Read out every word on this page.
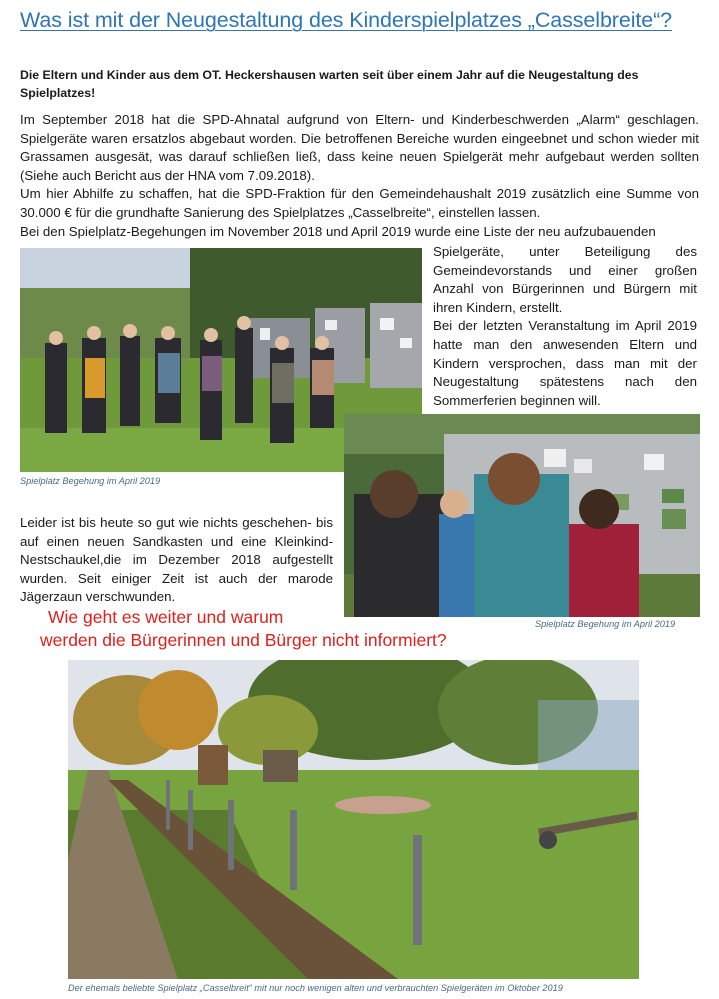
Was ist mit der Neugestaltung des Kinderspielplatzes „Casselbreite“?
Die Eltern und Kinder aus dem OT. Heckershausen warten seit über einem Jahr auf die Neugestaltung des Spielplatzes!

Im September 2018 hat die SPD-Ahnatal aufgrund von Eltern- und Kinderbeschwerden „Alarm“ geschlagen. Spielgeräte waren ersatzlos abgebaut worden. Die betroffenen Bereiche wurden eingeebnet und schon wieder mit Grassamen ausgesät, was darauf schließen ließ, dass keine neuen Spielgerät mehr aufgebaut werden sollten (Siehe auch Bericht aus der HNA vom 7.09.2018).

Um hier Abhilfe zu schaffen, hat die SPD-Fraktion für den Gemeindehaushalt 2019 zusätzlich eine Summe von 30.000 € für die grundhafte Sanierung des Spielplatzes „Casselbreite“, einstellen lassen.

Bei den Spielplatz-Begehungen im November 2018 und April 2019 wurde eine Liste der neu aufzubauenden

Spielplatz Begehung im April 2019

Spielgeräte, unter Beteiligung des Gemeindevorstands und einer großen Anzahl von Bürgerinnen und Bürgern mit ihren Kindern, erstellt.

Bei der letzten Veranstaltung im April 2019 hatte man den anwesenden Eltern und Kindern versprochen, dass man mit der Neugestaltung spätestens nach den Sommerferien beginnen will.

Spielplatz Begehung im April 2019
Leider ist bis heute so gut wie nichts geschehen- bis auf einen neuen Sandkasten und eine Kleinkind-Nestschaukel,die im Dezember 2018 aufgestellt wurden. Seit einiger Zeit ist auch der marode Jägerzaun verschwunden.
Wie geht es weiter und warum
werden die Bürgerinnen und Bürger nicht informiert?
Der ehemals beliebte Spielplatz „Casselbreit“ mit nur noch wenigen alten und verbrauchten Spielgeräten im Oktober 2019
